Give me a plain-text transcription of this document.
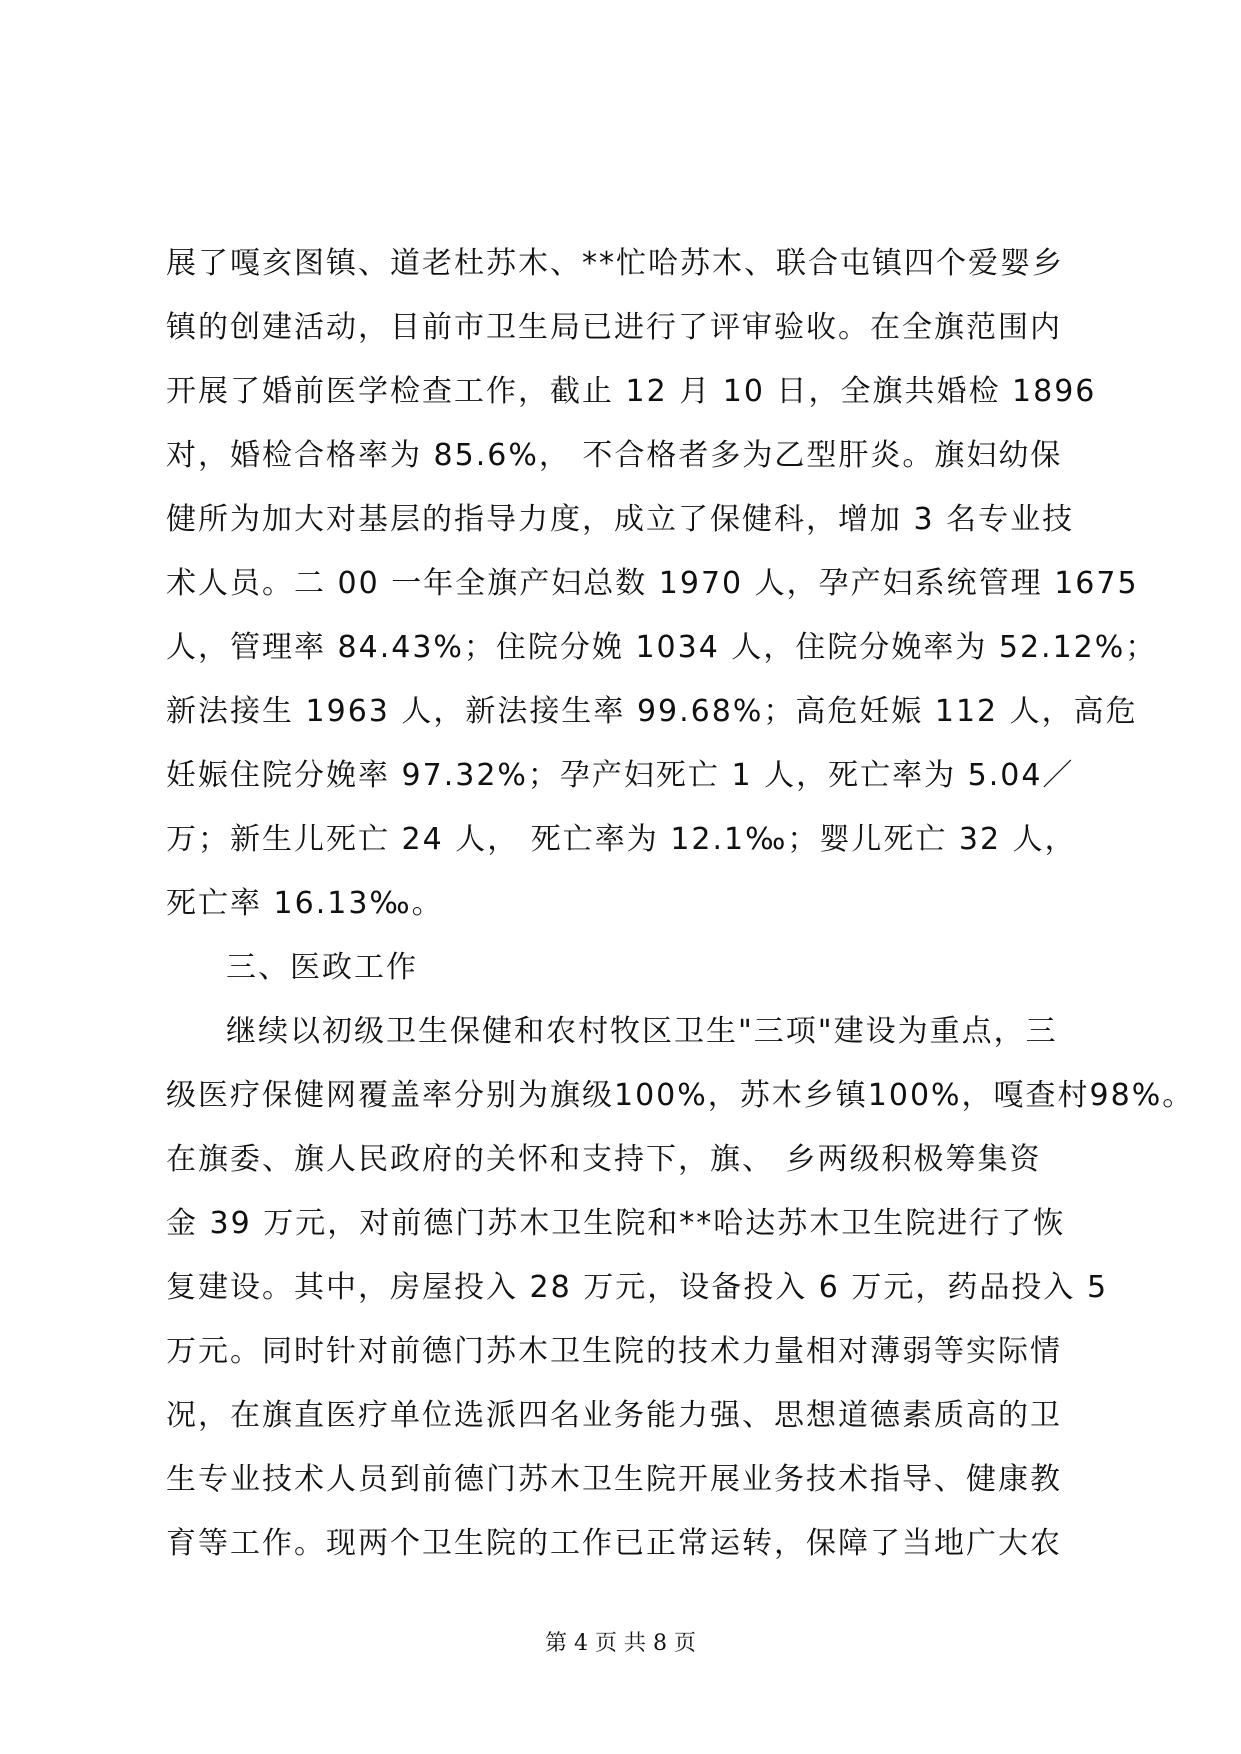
展了嘎亥图镇、道老杜苏木、**忙哈苏木、联合屯镇四个爱婴乡
镇的创建活动，目前市卫生局已进行了评审验收。在全旗范围内
开展了婚前医学检查工作，截止 12 月 10 日，全旗共婚检 1896
对，婚检合格率为 85.6%， 不合格者多为乙型肝炎。旗妇幼保
健所为加大对基层的指导力度，成立了保健科，增加 3 名专业技
术人员。二 00 一年全旗产妇总数 1970 人，孕产妇系统管理 1675
人，管理率 84.43%；住院分娩 1034 人，住院分娩率为 52.12%；
新法接生 1963 人，新法接生率 99.68%；高危妊娠 112 人，高危
妊娠住院分娩率 97.32%；孕产妇死亡 1 人，死亡率为 5.04／
万；新生儿死亡 24 人， 死亡率为 12.1‰；婴儿死亡 32 人，
死亡率 16.13‰。
三、医政工作
继续以初级卫生保健和农村牧区卫生"三项"建设为重点，三
级医疗保健网覆盖率分别为旗级100%，苏木乡镇100%，嘎查村98%。
在旗委、旗人民政府的关怀和支持下，旗、 乡两级积极筹集资
金 39 万元，对前德门苏木卫生院和**哈达苏木卫生院进行了恢
复建设。其中，房屋投入 28 万元，设备投入 6 万元，药品投入 5
万元。同时针对前德门苏木卫生院的技术力量相对薄弱等实际情
况，在旗直医疗单位选派四名业务能力强、思想道德素质高的卫
生专业技术人员到前德门苏木卫生院开展业务技术指导、健康教
育等工作。现两个卫生院的工作已正常运转，保障了当地广大农
第 4 页 共 8 页
